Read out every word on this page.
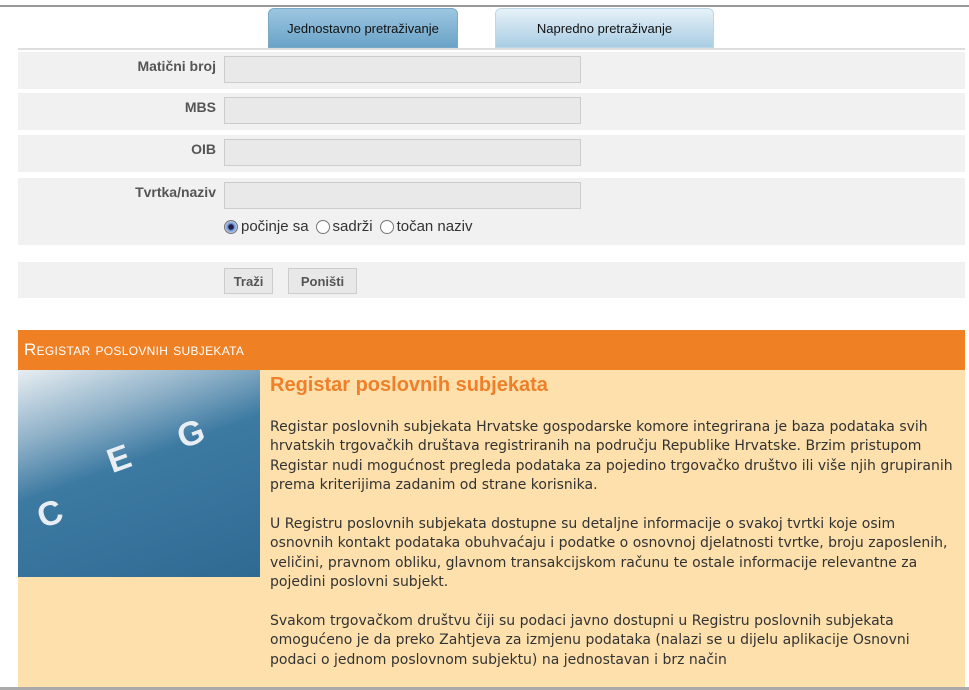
Jednostavno pretraživanje	Napredno pretraživanje
Matični broj
MBS
OIB
Tvrtka/naziv
počinje sa sadrži točan naziv
Traži	Poništi
Registar poslovnih subjekata
E
G
C
Registar poslovnih subjekata

Registar poslovnih subjekata Hrvatske gospodarske komore integrirana je baza podataka svih hrvatskih trgovačkih društava registriranih na području Republike Hrvatske. Brzim pristupom Registar nudi mogućnost pregleda podataka za pojedino trgovačko društvo ili više njih grupiranih prema kriterijima zadanim od strane korisnika.

U Registru poslovnih subjekata dostupne su detaljne informacije o svakoj tvrtki koje osim osnovnih kontakt podataka obuhvaćaju i podatke o osnovnoj djelatnosti tvrtke, broju zaposlenih, veličini, pravnom obliku, glavnom transakcijskom računu te ostale informacije relevantne za pojedini poslovni subjekt.

Svakom trgovačkom društvu čiji su podaci javno dostupni u Registru poslovnih subjekata omogućeno je da preko Zahtjeva za izmjenu podataka (nalazi se u dijelu aplikacije Osnovni podaci o jednom poslovnom subjektu) na jednostavan i brz način
